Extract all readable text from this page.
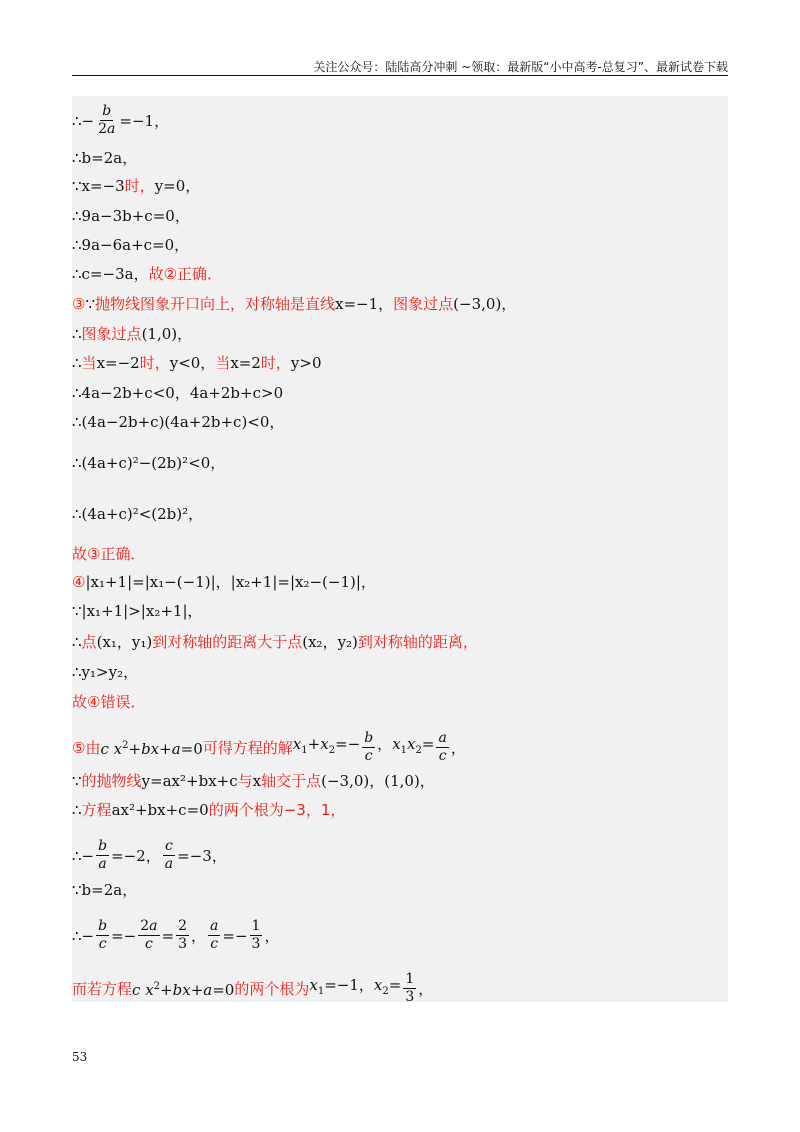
关注公众号：陆陆高分冲刺 ~领取：最新版“小中高考-总复习”、最新试卷下载
∴− $\frac{b}{2a} =-1$，
∴b=2a，
∵x=−3 时， y=0，
∴9a−3b+c=0，
∴9a−6a+c=0，
∴c=−3a， 故②正确．
③ ∵ 抛物线图象开口向上，对称轴是直线 x=−1， 图象过点 (−3,0)，
∴ 图象过点 (1,0)，
∴ 当 x=−2 时， y<0， 当 x=2 时， y>0
∴4a−2b+c<0，4a+2b+c>0
∴(4a−2b+c)(4a+2b+c)<0，
∴(4a+c)²−(2b)²<0，
∴(4a+c)²<(2b)²，
故③正确．
④ |x₁+1|=|x₁−(−1)|，|x₂+1|=|x₂−(−1)|，
∵|x₁+1|>|x₂+1|，
∴ 点 (x₁，y₁) 到对称轴的距离大于点 (x₂，y₂) 到对称轴的距离，
∴y₁>y₂，
故④错误．
⑤由 c $x^2+bx+a=0$ 可得方程的解 $x_1+x_2=- \frac{b}{c}$ ，$x_1x_2= \frac{a}{c}$ ，
∵ 的抛物线 y=ax²+bx+c 与 x 轴交于点 (−3,0)，(1,0)，
∴ 方程 ax²+bx+c=0 的两个根为 −3，1，
∴− $\frac{b}{a} =-2$， $\frac{c}{a} =-3$，
∵b=2a，
∴− $\frac{b}{c} =- \frac{2a}{c} = \frac{2}{3}$ ， $\frac{a}{c} =- \frac{1}{3}$ ，
而若方程 c $x^2+bx+a=0$ 的两个根为 $x_1=-1$，$x_2= \frac{1}{3}$ ，
53
